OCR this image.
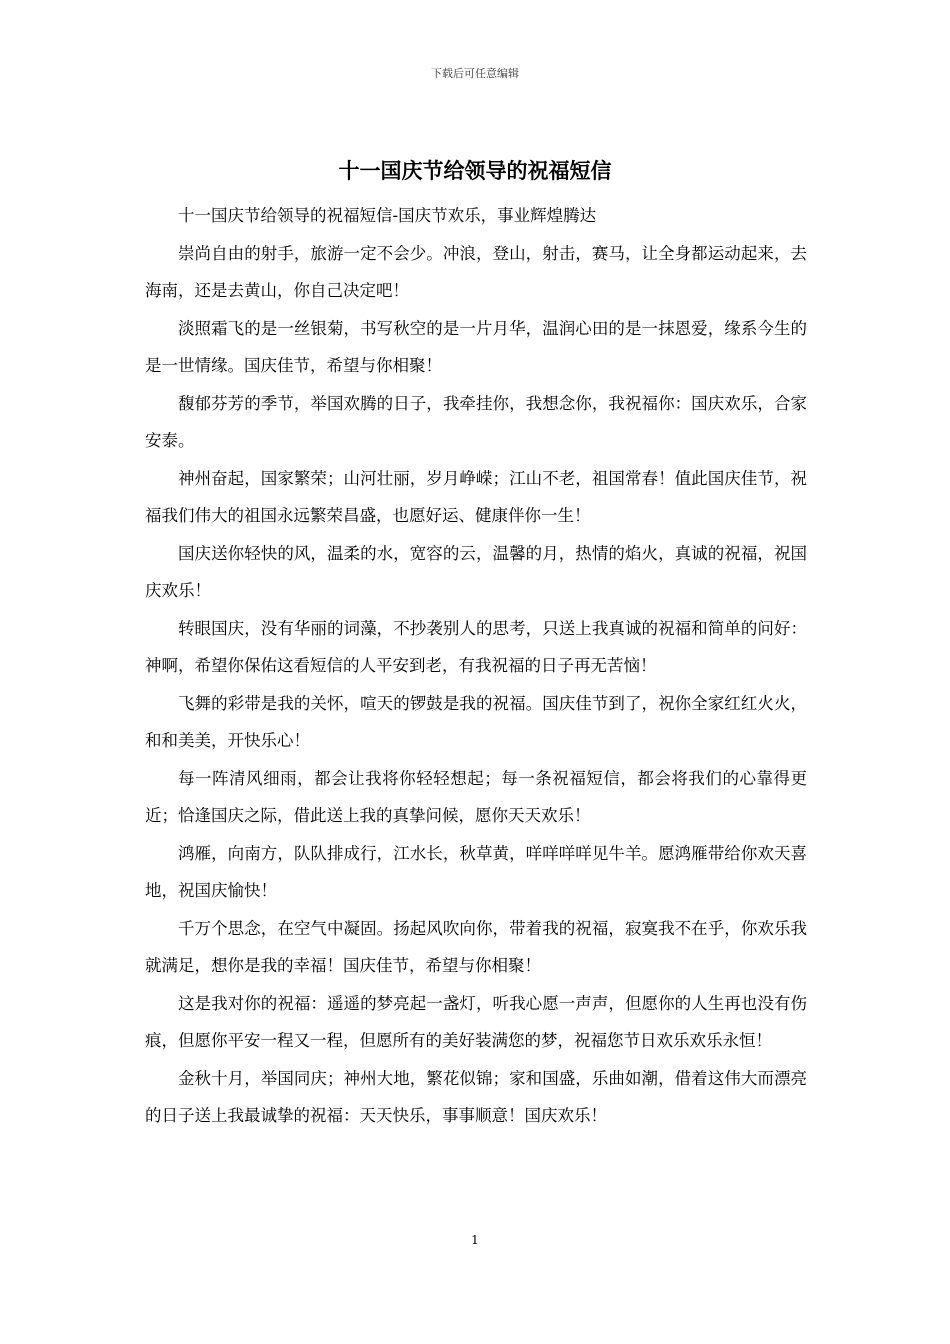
下载后可任意编辑
十一国庆节给领导的祝福短信

十一国庆节给领导的祝福短信-国庆节欢乐，事业辉煌腾达

崇尚自由的射手，旅游一定不会少。冲浪，登山，射击，赛马，让全身都运动起来，去海南，还是去黄山，你自己决定吧！

淡照霜飞的是一丝银菊，书写秋空的是一片月华，温润心田的是一抹恩爱，缘系今生的是一世情缘。国庆佳节，希望与你相聚！

馥郁芬芳的季节，举国欢腾的日子，我牵挂你，我想念你，我祝福你：国庆欢乐，合家安泰。

神州奋起，国家繁荣；山河壮丽，岁月峥嵘；江山不老，祖国常春！值此国庆佳节，祝福我们伟大的祖国永远繁荣昌盛，也愿好运、健康伴你一生！

国庆送你轻快的风，温柔的水，宽容的云，温馨的月，热情的焰火，真诚的祝福，祝国庆欢乐！

转眼国庆，没有华丽的词藻，不抄袭别人的思考，只送上我真诚的祝福和简单的问好：神啊，希望你保佑这看短信的人平安到老，有我祝福的日子再无苦恼！

飞舞的彩带是我的关怀，喧天的锣鼓是我的祝福。国庆佳节到了，祝你全家红红火火，和和美美，开快乐心！

每一阵清风细雨，都会让我将你轻轻想起；每一条祝福短信，都会将我们的心靠得更近；恰逢国庆之际，借此送上我的真挚问候，愿你天天欢乐！

鸿雁，向南方，队队排成行，江水长，秋草黄，咩咩咩咩见牛羊。愿鸿雁带给你欢天喜地，祝国庆愉快！

千万个思念，在空气中凝固。扬起风吹向你，带着我的祝福，寂寞我不在乎，你欢乐我就满足，想你是我的幸福！国庆佳节，希望与你相聚！

这是我对你的祝福：遥遥的梦亮起一盏灯，听我心愿一声声，但愿你的人生再也没有伤痕，但愿你平安一程又一程，但愿所有的美好装满您的梦，祝福您节日欢乐欢乐永恒！

金秋十月，举国同庆；神州大地，繁花似锦；家和国盛，乐曲如潮，借着这伟大而漂亮的日子送上我最诚挚的祝福：天天快乐，事事顺意！国庆欢乐！

1
